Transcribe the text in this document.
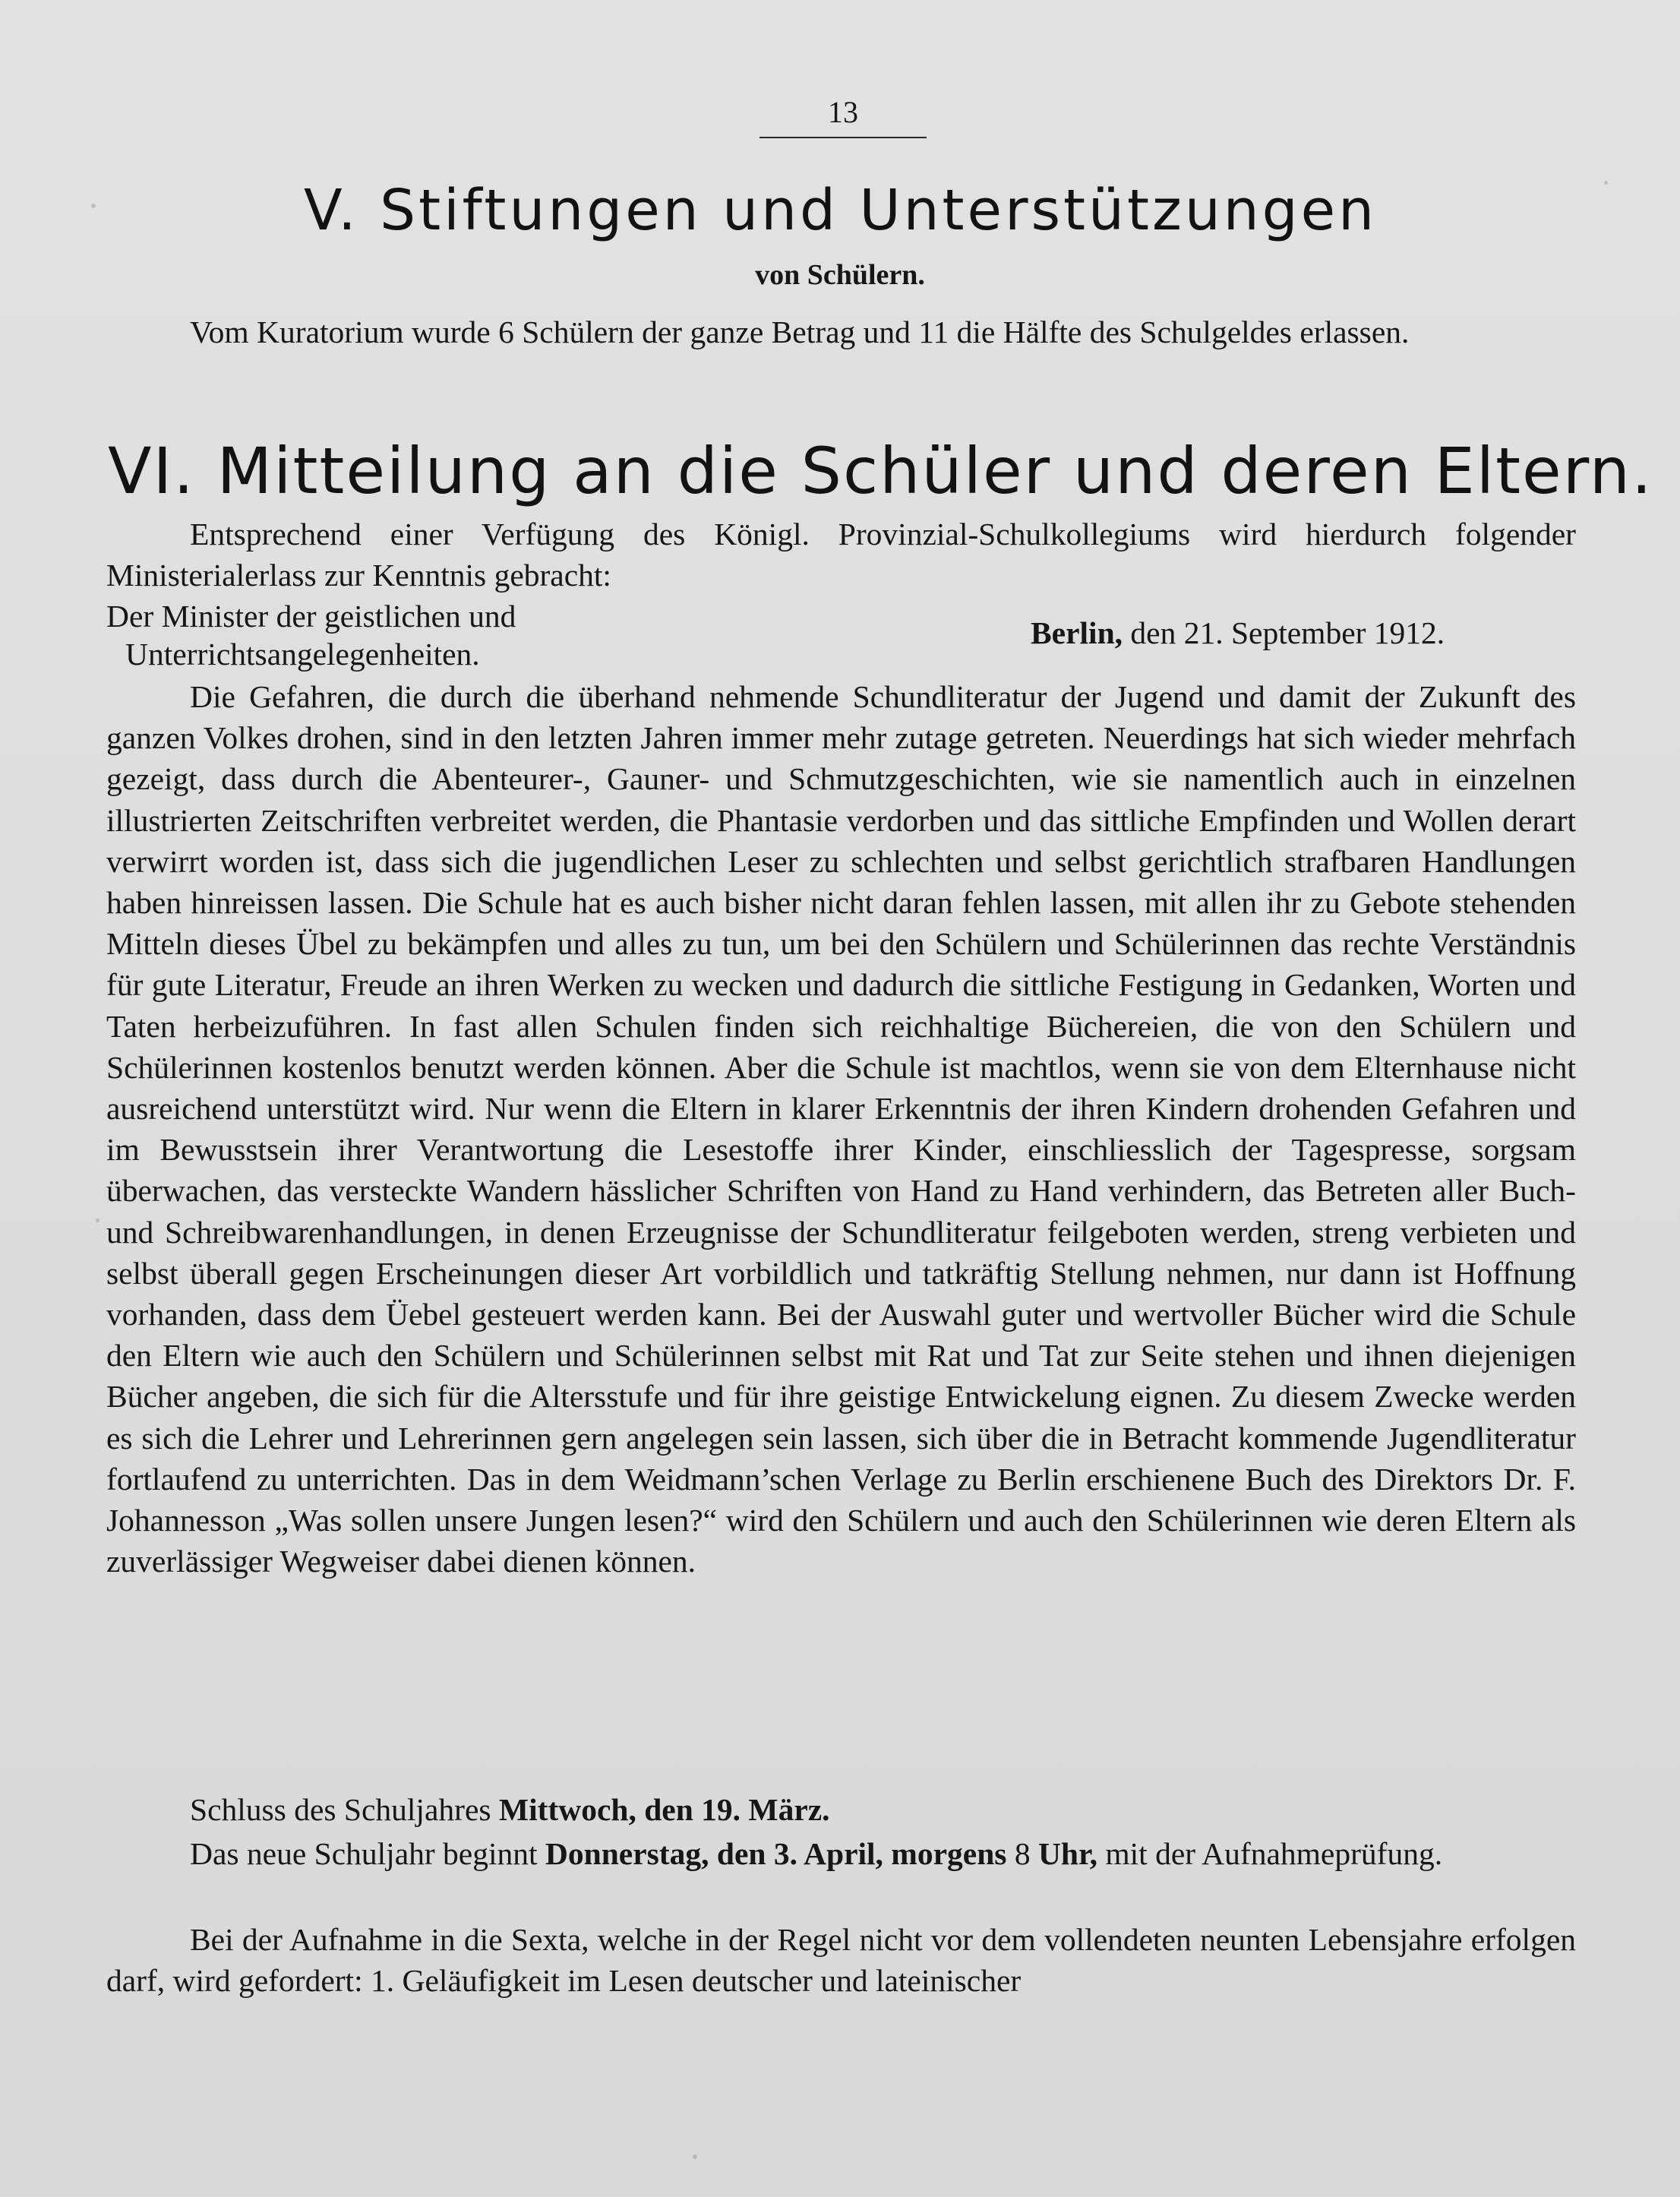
13
V. Stiftungen und Unterstützungen
von Schülern.

Vom Kuratorium wurde 6 Schülern der ganze Betrag und 11 die Hälfte des Schulgeldes erlassen.

VI. Mitteilung an die Schüler und deren Eltern.

Entsprechend einer Verfügung des Königl. Provinzial-Schulkollegiums wird hierdurch folgender Ministerialerlass zur Kenntnis gebracht:

Der Minister der geistlichen und
Unterrichtsangelegenheiten.
Berlin, den 21. September 1912.

Die Gefahren, die durch die überhand nehmende Schundliteratur der Jugend und damit der Zukunft des ganzen Volkes drohen, sind in den letzten Jahren immer mehr zutage getreten. Neuerdings hat sich wieder mehrfach gezeigt, dass durch die Abenteurer-, Gauner- und Schmutzgeschichten, wie sie namentlich auch in einzelnen illustrierten Zeitschriften verbreitet werden, die Phantasie verdorben und das sittliche Empfinden und Wollen derart verwirrt worden ist, dass sich die jugendlichen Leser zu schlechten und selbst gerichtlich strafbaren Handlungen haben hinreissen lassen. Die Schule hat es auch bisher nicht daran fehlen lassen, mit allen ihr zu Gebote stehenden Mitteln dieses Übel zu bekämpfen und alles zu tun, um bei den Schülern und Schülerinnen das rechte Verständnis für gute Literatur, Freude an ihren Werken zu wecken und dadurch die sittliche Festigung in Gedanken, Worten und Taten herbeizuführen. In fast allen Schulen finden sich reichhaltige Büchereien, die von den Schülern und Schülerinnen kostenlos benutzt werden können. Aber die Schule ist machtlos, wenn sie von dem Elternhause nicht ausreichend unterstützt wird. Nur wenn die Eltern in klarer Erkenntnis der ihren Kindern drohenden Gefahren und im Bewusstsein ihrer Verantwortung die Lesestoffe ihrer Kinder, einschliesslich der Tagespresse, sorgsam überwachen, das versteckte Wandern hässlicher Schriften von Hand zu Hand verhindern, das Betreten aller Buch- und Schreibwarenhandlungen, in denen Erzeugnisse der Schundliteratur feilgeboten werden, streng verbieten und selbst überall gegen Erscheinungen dieser Art vorbildlich und tatkräftig Stellung nehmen, nur dann ist Hoffnung vorhanden, dass dem Üebel gesteuert werden kann. Bei der Auswahl guter und wertvoller Bücher wird die Schule den Eltern wie auch den Schülern und Schülerinnen selbst mit Rat und Tat zur Seite stehen und ihnen diejenigen Bücher angeben, die sich für die Altersstufe und für ihre geistige Entwickelung eignen. Zu diesem Zwecke werden es sich die Lehrer und Lehrerinnen gern angelegen sein lassen, sich über die in Betracht kommende Jugendliteratur fortlaufend zu unterrichten. Das in dem Weidmann’schen Verlage zu Berlin erschienene Buch des Direktors Dr. F. Johannesson „Was sollen unsere Jungen lesen?“ wird den Schülern und auch den Schülerinnen wie deren Eltern als zuverlässiger Wegweiser dabei dienen können.

Schluss des Schuljahres Mittwoch, den 19. März.

Das neue Schuljahr beginnt Donnerstag, den 3. April, morgens 8 Uhr, mit der Aufnahmeprüfung.

Bei der Aufnahme in die Sexta, welche in der Regel nicht vor dem vollendeten neunten Lebensjahre erfolgen darf, wird gefordert: 1. Geläufigkeit im Lesen deutscher und lateinischer
